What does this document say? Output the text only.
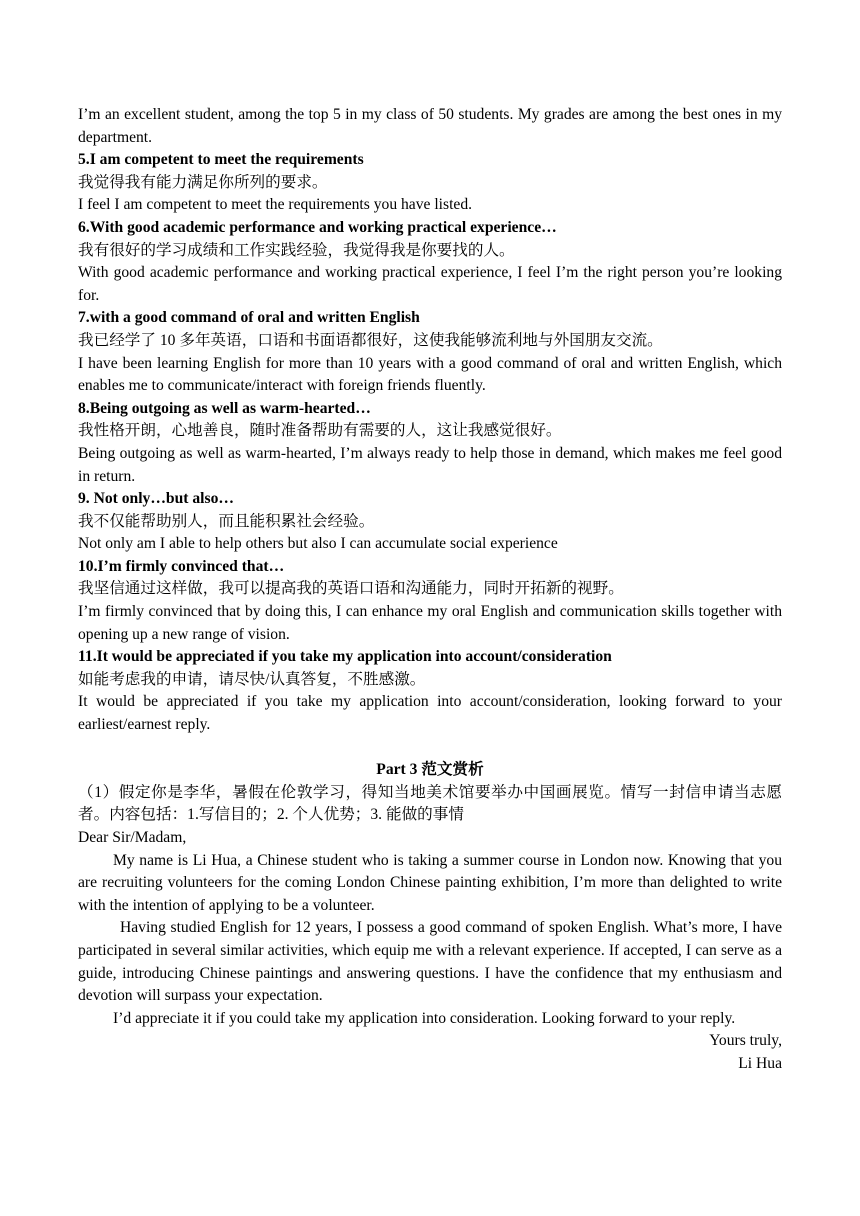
I’m an excellent student, among the top 5 in my class of 50 students. My grades are among the best ones in my department.

5.I am competent to meet the requirements

我觉得我有能力满足你所列的要求。

I feel I am competent to meet the requirements you have listed.

6.With good academic performance and working practical experience…

我有很好的学习成绩和工作实践经验，我觉得我是你要找的人。

With good academic performance and working practical experience, I feel I’m the right person you’re looking for.

7.with a good command of oral and written English

我已经学了 10 多年英语，口语和书面语都很好，这使我能够流利地与外国朋友交流。

I have been learning English for more than 10 years with a good command of oral and written English, which enables me to communicate/interact with foreign friends fluently.

8.Being outgoing as well as warm-hearted…

我性格开朗，心地善良，随时准备帮助有需要的人，这让我感觉很好。

Being outgoing as well as warm-hearted, I’m always ready to help those in demand, which makes me feel good in return.

9. Not only…but also…

我不仅能帮助别人，而且能积累社会经验。

Not only am I able to help others but also I can accumulate social experience

10.I’m firmly convinced that…

我坚信通过这样做，我可以提高我的英语口语和沟通能力，同时开拓新的视野。

I’m firmly convinced that by doing this, I can enhance my oral English and communication skills together with opening up a new range of vision.

11.It would be appreciated if you take my application into account/consideration

如能考虑我的申请，请尽快/认真答复，不胜感激。

It would be appreciated if you take my application into account/consideration, looking forward to your earliest/earnest reply.

Part 3 范文赏析

（1）假定你是李华，暑假在伦敦学习，得知当地美术馆要举办中国画展览。情写一封信申请当志愿者。内容包括：1.写信目的；2. 个人优势；3. 能做的事情

Dear Sir/Madam,

My name is Li Hua, a Chinese student who is taking a summer course in London now. Knowing that you are recruiting volunteers for the coming London Chinese painting exhibition, I’m more than delighted to write with the intention of applying to be a volunteer.

Having studied English for 12 years, I possess a good command of spoken English. What’s more, I have participated in several similar activities, which equip me with a relevant experience. If accepted, I can serve as a guide, introducing Chinese paintings and answering questions. I have the confidence that my enthusiasm and devotion will surpass your expectation.

I’d appreciate it if you could take my application into consideration. Looking forward to your reply.

Yours truly,

Li Hua
